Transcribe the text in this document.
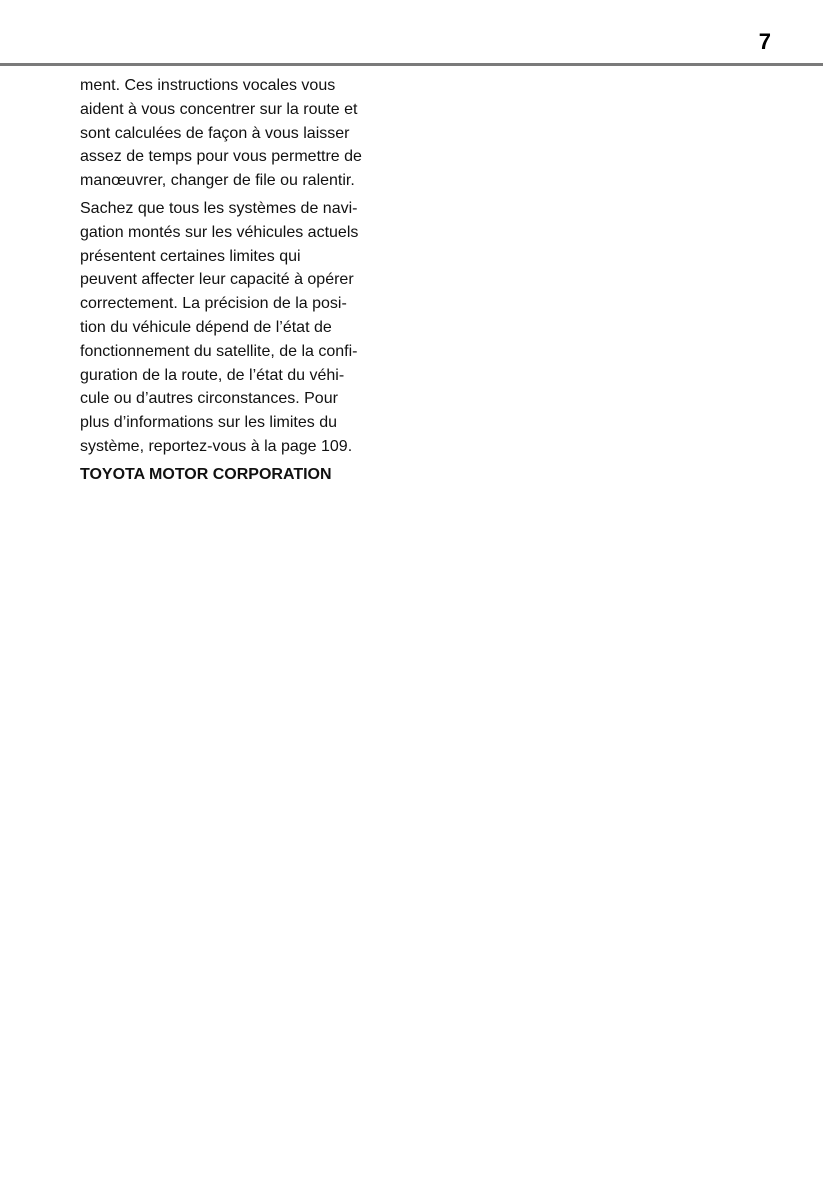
7

ment. Ces instructions vocales vous
aident à vous concentrer sur la route et
sont calculées de façon à vous laisser
assez de temps pour vous permettre de
manœuvrer, changer de file ou ralentir.

Sachez que tous les systèmes de navi-
gation montés sur les véhicules actuels
présentent certaines limites qui
peuvent affecter leur capacité à opérer
correctement. La précision de la posi-
tion du véhicule dépend de l’état de
fonctionnement du satellite, de la confi-
guration de la route, de l’état du véhi-
cule ou d’autres circonstances. Pour
plus d’informations sur les limites du
système, reportez-vous à la page 109.

TOYOTA MOTOR CORPORATION
